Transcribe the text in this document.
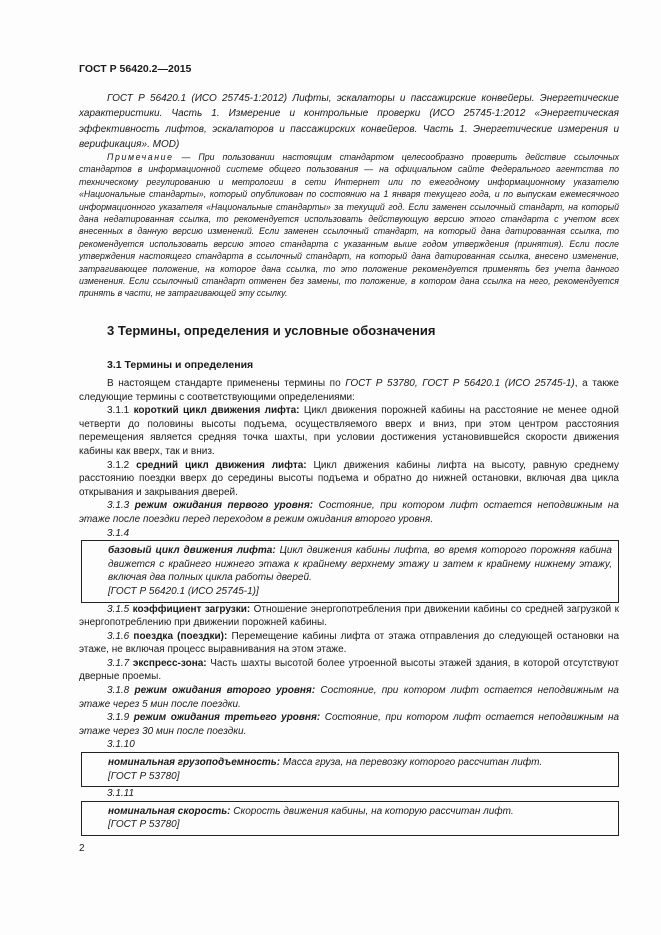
ГОСТ Р 56420.2—2015
ГОСТ Р 56420.1 (ИСО 25745-1:2012) Лифты, эскалаторы и пассажирские конвейеры. Энергетические характеристики. Часть 1. Измерение и контрольные проверки (ИСО 25745-1:2012 «Энергетическая эффективность лифтов, эскалаторов и пассажирских конвейеров. Часть 1. Энергетические измерения и верификация». MOD)
Примечание — При пользовании настоящим стандартом целесообразно проверить действие ссылочных стандартов в информационной системе общего пользования — на официальном сайте Федерального агентства по техническому регулированию и метрологии в сети Интернет или по ежегодному информационному указателю «Национальные стандарты», который опубликован по состоянию на 1 января текущего года, и по выпускам ежемесячного информационного указателя «Национальные стандарты» за текущий год. Если заменен ссылочный стандарт, на который дана недатированная ссылка, то рекомендуется использовать действующую версию этого стандарта с учетом всех внесенных в данную версию изменений. Если заменен ссылочный стандарт, на который дана датированная ссылка, то рекомендуется использовать версию этого стандарта с указанным выше годом утверждения (принятия). Если после утверждения настоящего стандарта в ссылочный стандарт, на который дана датированная ссылка, внесено изменение, затрагивающее положение, на которое дана ссылка, то это положение рекомендуется применять без учета данного изменения. Если ссылочный стандарт отменен без замены, то положение, в котором дана ссылка на него, рекомендуется принять в части, не затрагивающей эту ссылку.
3 Термины, определения и условные обозначения
3.1 Термины и определения

В настоящем стандарте применены термины по ГОСТ Р 53780, ГОСТ Р 56420.1 (ИСО 25745-1), а также следующие термины с соответствующими определениями:

3.1.1 короткий цикл движения лифта: Цикл движения порожней кабины на расстояние не менее одной четверти до половины высоты подъема, осуществляемого вверх и вниз, при этом центром расстояния перемещения является средняя точка шахты, при условии достижения установившейся скорости движения кабины как вверх, так и вниз.

3.1.2 средний цикл движения лифта: Цикл движения кабины лифта на высоту, равную среднему расстоянию поездки вверх до середины высоты подъема и обратно до нижней остановки, включая два цикла открывания и закрывания дверей.

3.1.3 режим ожидания первого уровня: Состояние, при котором лифт остается неподвижным на этаже после поездки перед переходом в режим ожидания второго уровня.

3.1.4

базовый цикл движения лифта: Цикл движения кабины лифта, во время которого порожняя кабина движется с крайнего нижнего этажа к крайнему верхнему этажу и затем к крайнему нижнему этажу, включая два полных цикла работы дверей.

[ГОСТ Р 56420.1 (ИСО 25745-1)]

3.1.5 коэффициент загрузки: Отношение энергопотребления при движении кабины со средней загрузкой к энергопотреблению при движении порожней кабины.

3.1.6 поездка (поездки): Перемещение кабины лифта от этажа отправления до следующей остановки на этаже, не включая процесс выравнивания на этом этаже.

3.1.7 экспресс-зона: Часть шахты высотой более утроенной высоты этажей здания, в которой отсутствуют дверные проемы.

3.1.8 режим ожидания второго уровня: Состояние, при котором лифт остается неподвижным на этаже через 5 мин после поездки.

3.1.9 режим ожидания третьего уровня: Состояние, при котором лифт остается неподвижным на этаже через 30 мин после поездки.

3.1.10

номинальная грузоподъемность: Масса груза, на перевозку которого рассчитан лифт.

[ГОСТ Р 53780]

3.1.11

номинальная скорость: Скорость движения кабины, на которую рассчитан лифт.

[ГОСТ Р 53780]

2
